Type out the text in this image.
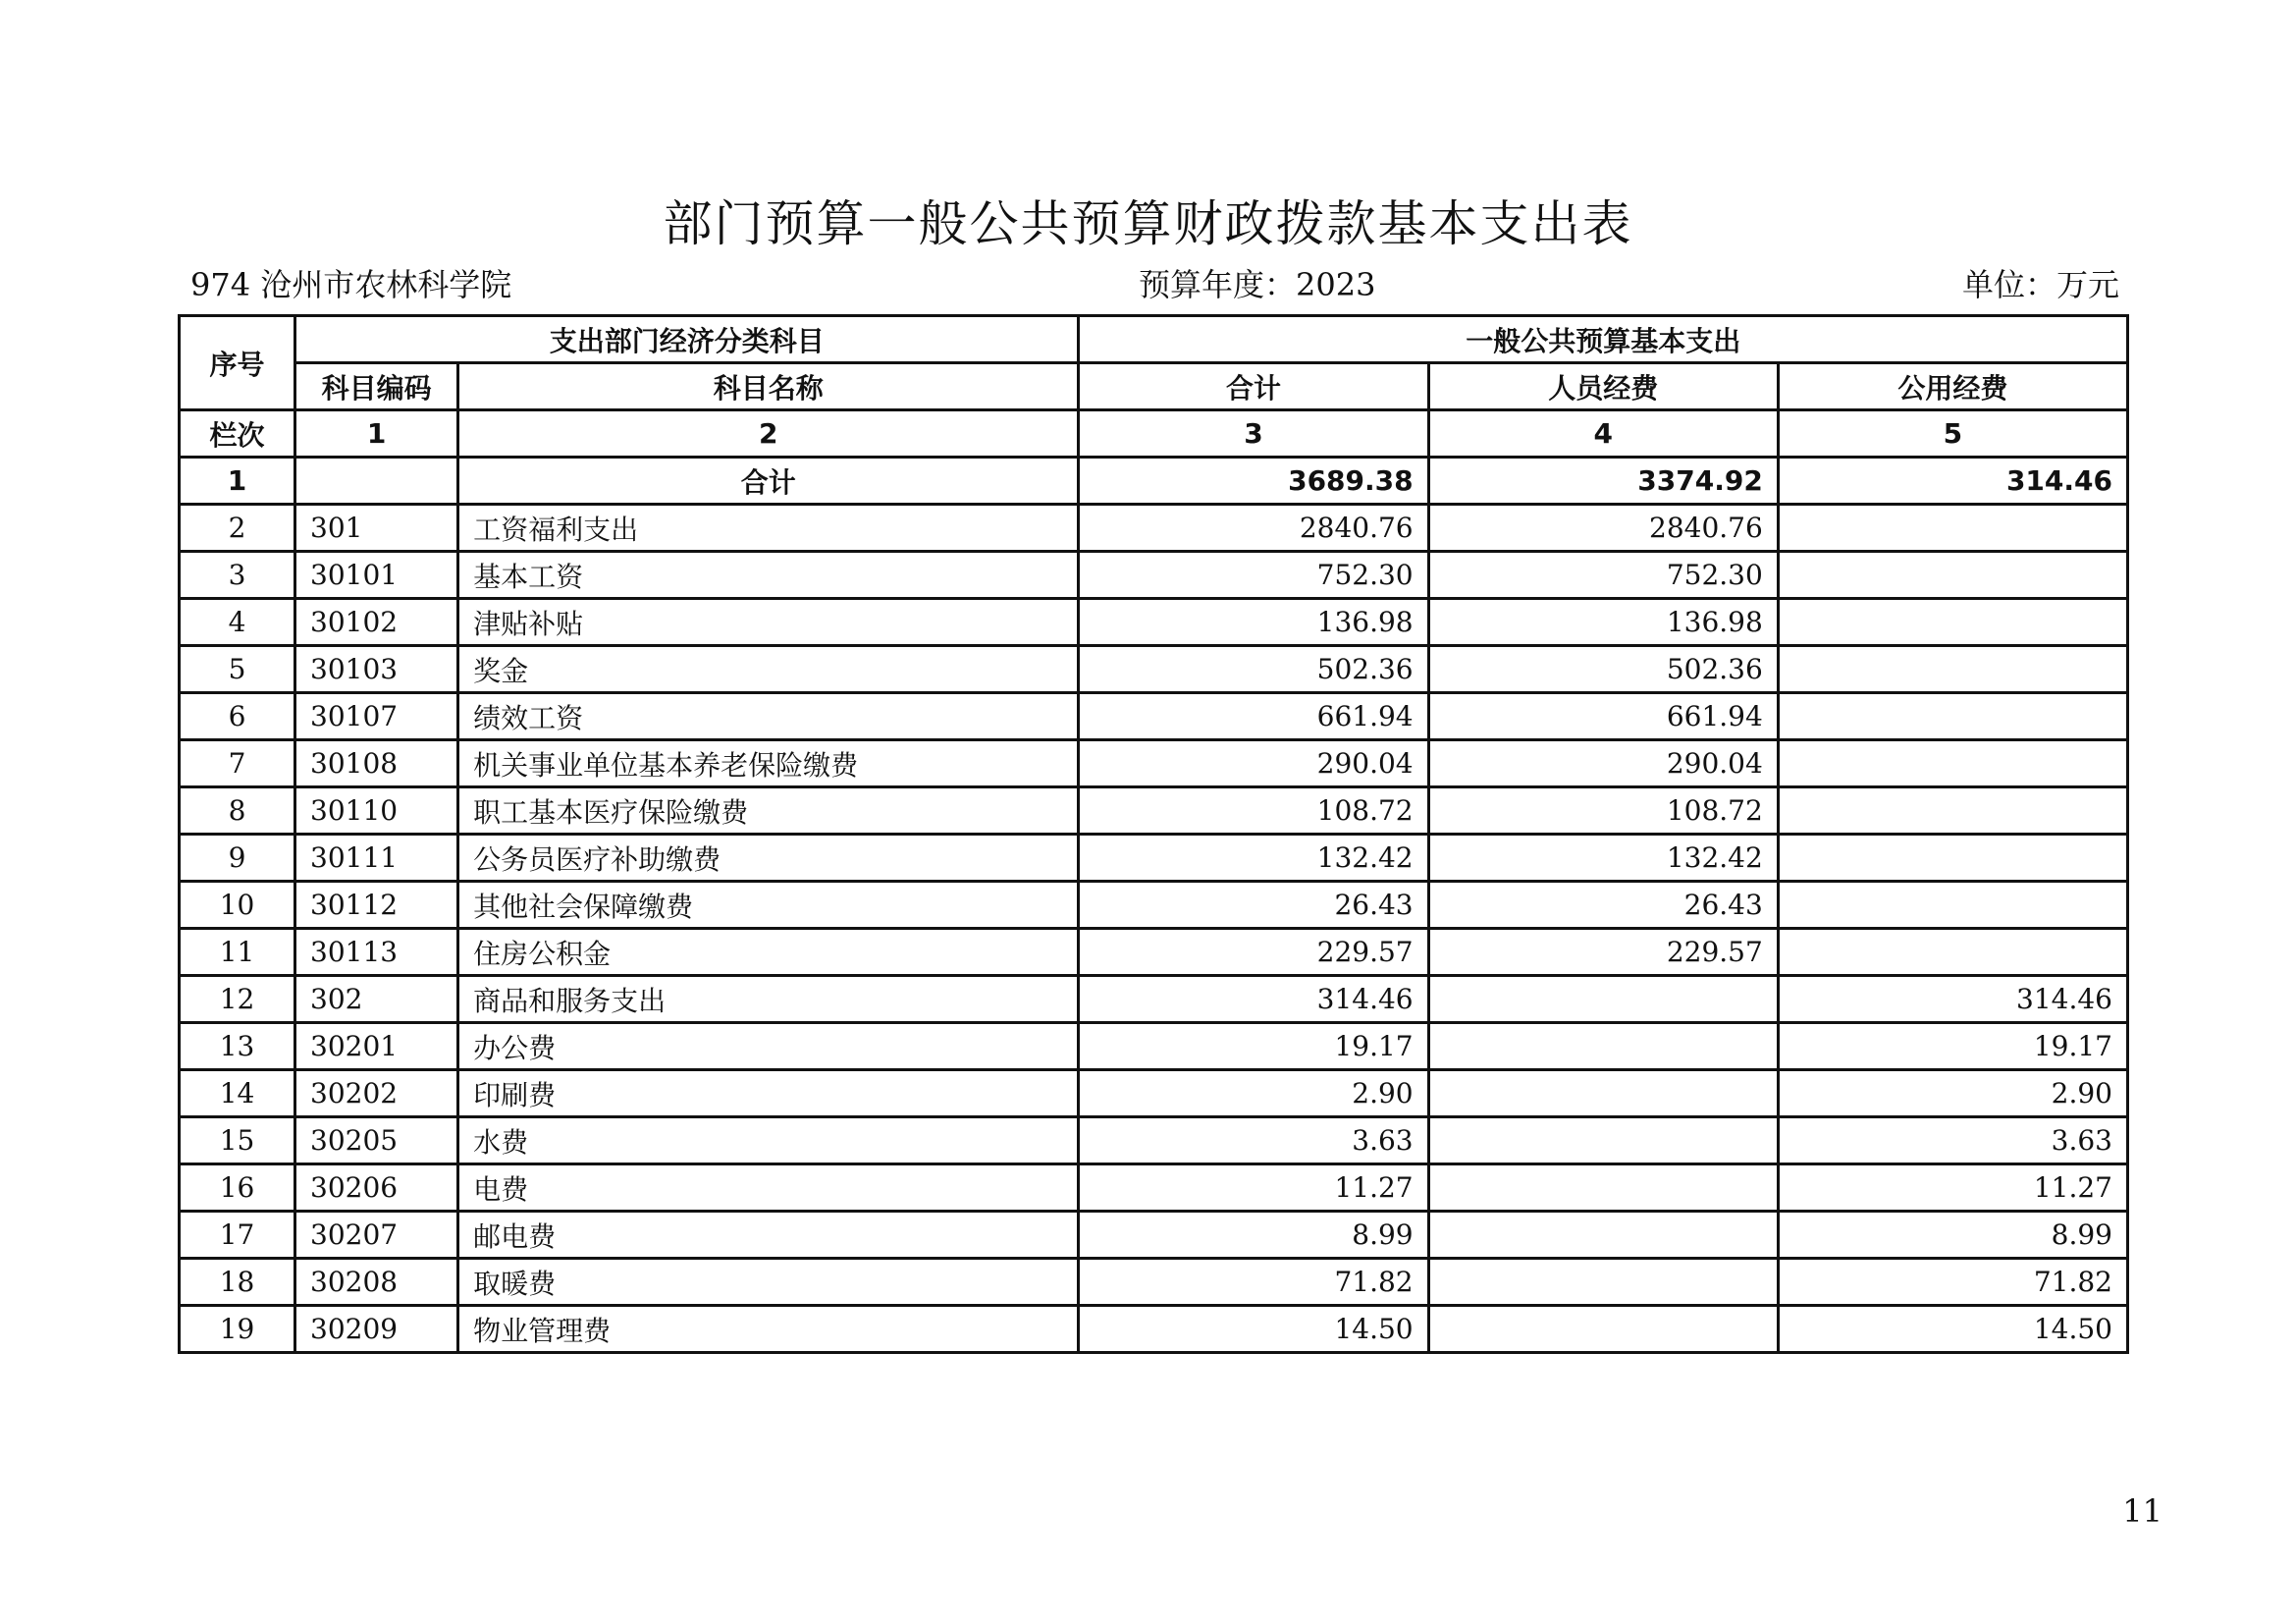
部门预算一般公共预算财政拨款基本支出表
974 沧州市农林科学院	预算年度：2023	单位：万元
序号	支出部门经济分类科目		一般公共预算基本支出		
	科目编码	科目名称	合计	人员经费	公用经费
栏次	1	2	3	4	5
1		合计	3689.38	3374.92	314.46
2	301	工资福利支出	2840.76	2840.76	
3	30101	基本工资	752.30	752.30	
4	30102	津贴补贴	136.98	136.98	
5	30103	奖金	502.36	502.36	
6	30107	绩效工资	661.94	661.94	
7	30108	机关事业单位基本养老保险缴费	290.04	290.04	
8	30110	职工基本医疗保险缴费	108.72	108.72	
9	30111	公务员医疗补助缴费	132.42	132.42	
10	30112	其他社会保障缴费	26.43	26.43	
11	30113	住房公积金	229.57	229.57	
12	302	商品和服务支出	314.46		314.46
13	30201	办公费	19.17		19.17
14	30202	印刷费	2.90		2.90
15	30205	水费	3.63		3.63
16	30206	电费	11.27		11.27
17	30207	邮电费	8.99		8.99
18	30208	取暖费	71.82		71.82
19	30209	物业管理费	14.50		14.50
11
